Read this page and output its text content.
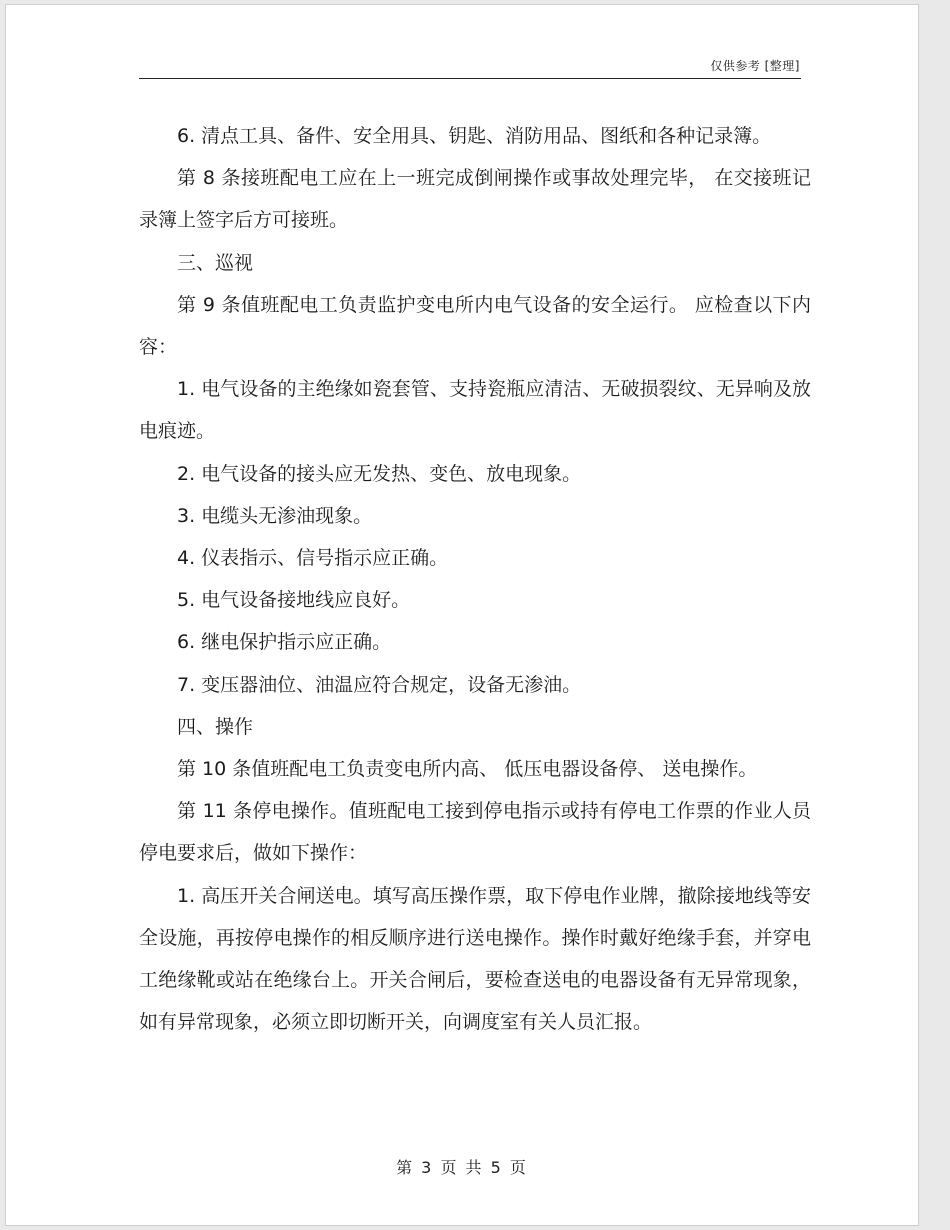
仅供参考 [整理]

6. 清点工具、备件、安全用具、钥匙、消防用品、图纸和各种记录簿。

第 8 条接班配电工应在上一班完成倒闸操作或事故处理完毕， 在交接班记录簿上签字后方可接班。

三、巡视

第 9 条值班配电工负责监护变电所内电气设备的安全运行。 应检查以下内容：

1. 电气设备的主绝缘如瓷套管、支持瓷瓶应清洁、无破损裂纹、无异响及放电痕迹。

2. 电气设备的接头应无发热、变色、放电现象。

3. 电缆头无渗油现象。

4. 仪表指示、信号指示应正确。

5. 电气设备接地线应良好。

6. 继电保护指示应正确。

7. 变压器油位、油温应符合规定，设备无渗油。

四、操作

第 10 条值班配电工负责变电所内高、 低压电器设备停、 送电操作。

第 11 条停电操作。值班配电工接到停电指示或持有停电工作票的作业人员停电要求后，做如下操作：

1. 高压开关合闸送电。填写高压操作票，取下停电作业牌，撤除接地线等安全设施，再按停电操作的相反顺序进行送电操作。操作时戴好绝缘手套，并穿电工绝缘靴或站在绝缘台上。开关合闸后，要检查送电的电器设备有无异常现象，如有异常现象，必须立即切断开关，向调度室有关人员汇报。

第 3 页 共 5 页
